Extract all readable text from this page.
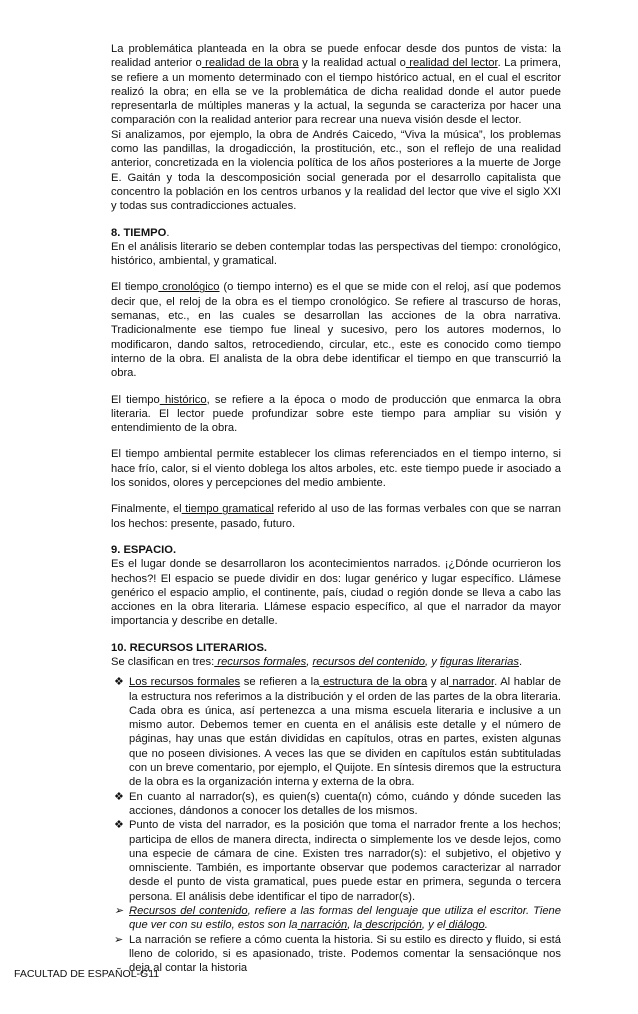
La problemática planteada en la obra se puede enfocar desde dos puntos de vista: la realidad anterior o realidad de la obra y la realidad actual o realidad del lector. La primera, se refiere a un momento determinado con el tiempo histórico actual, en el cual el escritor realizó la obra; en ella se ve la problemática de dicha realidad donde el autor puede representarla de múltiples maneras y la actual, la segunda se caracteriza por hacer una comparación con la realidad anterior para recrear una nueva visión desde el lector.

Si analizamos, por ejemplo, la obra de Andrés Caicedo, “Viva la música”, los problemas como las pandillas, la drogadicción, la prostitución, etc., son el reflejo de una realidad anterior, concretizada en la violencia política de los años posteriores a la muerte de Jorge E. Gaitán y toda la descomposición social generada por el desarrollo capitalista que concentro la población en los centros urbanos y la realidad del lector que vive el siglo XXI y todas sus contradicciones actuales.

8. TIEMPO.

En el análisis literario se deben contemplar todas las perspectivas del tiempo: cronológico, histórico, ambiental, y gramatical.

El tiempo cronológico (o tiempo interno) es el que se mide con el reloj, así que podemos decir que, el reloj de la obra es el tiempo cronológico. Se refiere al trascurso de horas, semanas, etc., en las cuales se desarrollan las acciones de la obra narrativa. Tradicionalmente ese tiempo fue lineal y sucesivo, pero los autores modernos, lo modificaron, dando saltos, retrocediendo, circular, etc., este es conocido como tiempo interno de la obra. El analista de la obra debe identificar el tiempo en que transcurrió la obra.

El tiempo histórico, se refiere a la época o modo de producción que enmarca la obra literaria. El lector puede profundizar sobre este tiempo para ampliar su visión y entendimiento de la obra.

El tiempo ambiental permite establecer los climas referenciados en el tiempo interno, si hace frío, calor, si el viento doblega los altos arboles, etc. este tiempo puede ir asociado a los sonidos, olores y percepciones del medio ambiente.

Finalmente, el tiempo gramatical referido al uso de las formas verbales con que se narran los hechos: presente, pasado, futuro.

9. ESPACIO.

Es el lugar donde se desarrollaron los acontecimientos narrados. ¡¿Dónde ocurrieron los hechos?! El espacio se puede dividir en dos: lugar genérico y lugar específico. Llámese genérico el espacio amplio, el continente, país, ciudad o región donde se lleva a cabo las acciones en la obra literaria. Llámese espacio específico, al que el narrador da mayor importancia y describe en detalle.

10. RECURSOS LITERARIOS.

Se clasifican en tres: recursos formales, recursos del contenido, y figuras literarias.

❖ Los recursos formales se refieren a la estructura de la obra y al narrador. Al hablar de la estructura nos referimos a la distribución y el orden de las partes de la obra literaria. Cada obra es única, así pertenezca a una misma escuela literaria e inclusive a un mismo autor. Debemos temer en cuenta en el análisis este detalle y el número de páginas, hay unas que están divididas en capítulos, otras en partes, existen algunas que no poseen divisiones. A veces las que se dividen en capítulos están subtituladas con un breve comentario, por ejemplo, el Quijote. En síntesis diremos que la estructura de la obra es la organización interna y externa de la obra.
❖ En cuanto al narrador(s), es quien(s) cuenta(n) cómo, cuándo y dónde suceden las acciones, dándonos a conocer los detalles de los mismos.
❖ Punto de vista del narrador, es la posición que toma el narrador frente a los hechos; participa de ellos de manera directa, indirecta o simplemente los ve desde lejos, como una especie de cámara de cine. Existen tres narrador(s): el subjetivo, el objetivo y omnisciente. También, es importante observar que podemos caracterizar al narrador desde el punto de vista gramatical, pues puede estar en primera, segunda o tercera persona. El análisis debe identificar el tipo de narrador(s).
➢ Recursos del contenido, refiere a las formas del lenguaje que utiliza el escritor. Tiene que ver con su estilo, estos son la narración, la descripción, y el diálogo.
➢ La narración se refiere a cómo cuenta la historia. Si su estilo es directo y fluido, si está lleno de colorido, si es apasionado, triste. Podemos comentar la sensaciónque nos deja al contar la historia
FACULTAD DE ESPAÑOL-G11
